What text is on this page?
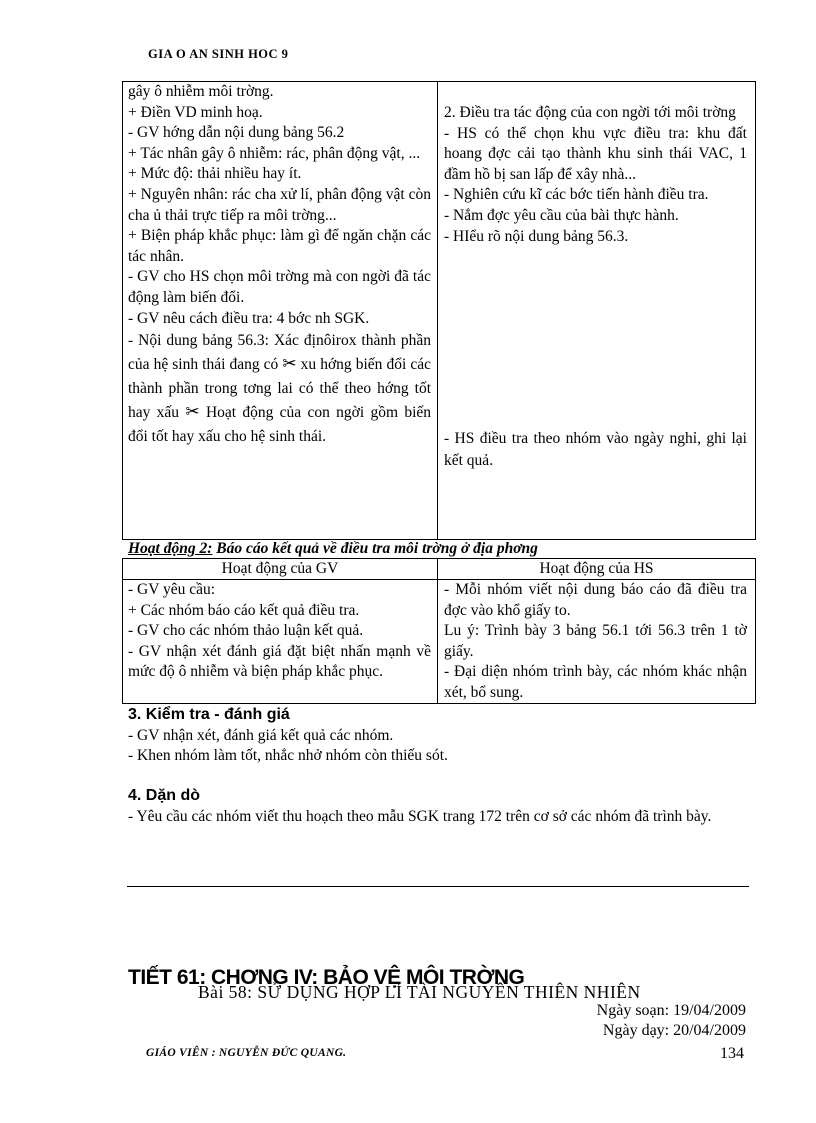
GIA O AN SINH HOC 9
gây ô nhiễm môi trờng.
+ Điền VD minh hoạ.
- GV hớng dẫn nội dung bảng 56.2
+ Tác nhân gây ô nhiễm: rác, phân động vật, ...
+ Mức độ: thải nhiều hay ít.
+ Nguyên nhân: rác cha xử lí, phân động vật còn cha ủ thải trực tiếp ra môi trờng...
+ Biện pháp khắc phục: làm gì để ngăn chặn các tác nhân.
- GV cho HS chọn môi trờng mà con ngời đã tác động làm biến đổi.
- GV nêu cách điều tra: 4 bớc nh SGK.
- Nội dung bảng 56.3: Xác địnôirox thành phần của hệ sinh thái đang có ✂ xu hớng biến đổi các thành phần trong tơng lai có thể theo hớng tốt hay xấu ✂ Hoạt động của con ngời gồm biến đổi tốt hay xấu cho hệ sinh thái.
2. Điều tra tác động của con ngời tới môi trờng
- HS có thể chọn khu vực điều tra: khu đất hoang đợc cải tạo thành khu sinh thái VAC, 1 đầm hồ bị san lấp để xây nhà...
- Nghiên cứu kĩ các bớc tiến hành điều tra.
- Nắm đợc yêu cầu của bài thực hành.
- HIểu rõ nội dung bảng 56.3.
- HS điều tra theo nhóm vào ngày nghỉ, ghi lại kết quả.
Hoạt động 2: Báo cáo kết quả về điều tra môi trờng ở địa phơng
Hoạt động của GV	Hoạt động của HS
- GV yêu cầu:
+ Các nhóm báo cáo kết quả điều tra.
- GV cho các nhóm thảo luận kết quả.
- GV nhận xét đánh giá đặt biệt nhấn mạnh về mức độ ô nhiễm và biện pháp khắc phục.
- Mỗi nhóm viết nội dung báo cáo đã điều tra đợc vào khổ giấy to.
Lu ý: Trình bày 3 bảng 56.1 tới 56.3 trên 1 tờ giấy.
- Đại diện nhóm trình bày, các nhóm khác nhận xét, bổ sung.
3. Kiểm tra - đánh giá
- GV nhận xét, đánh giá kết quả các nhóm.
- Khen nhóm làm tốt, nhắc nhở nhóm còn thiếu sót.
4. Dặn dò
- Yêu cầu các nhóm viết thu hoạch theo mẫu SGK trang 172 trên cơ sở các nhóm đã trình bày.
TIẾT 61: CHƠNG IV: BẢO VỆ MÔI TRỜNG
Bài 58: SỬ DỤNG HỢP LÍ TÀI NGUYÊN THIÊN NHIÊN
Ngày soạn: 19/04/2009
Ngày dạy: 20/04/2009
GIÁO VIÊN : NGUYỄN ĐỨC QUANG.	134
